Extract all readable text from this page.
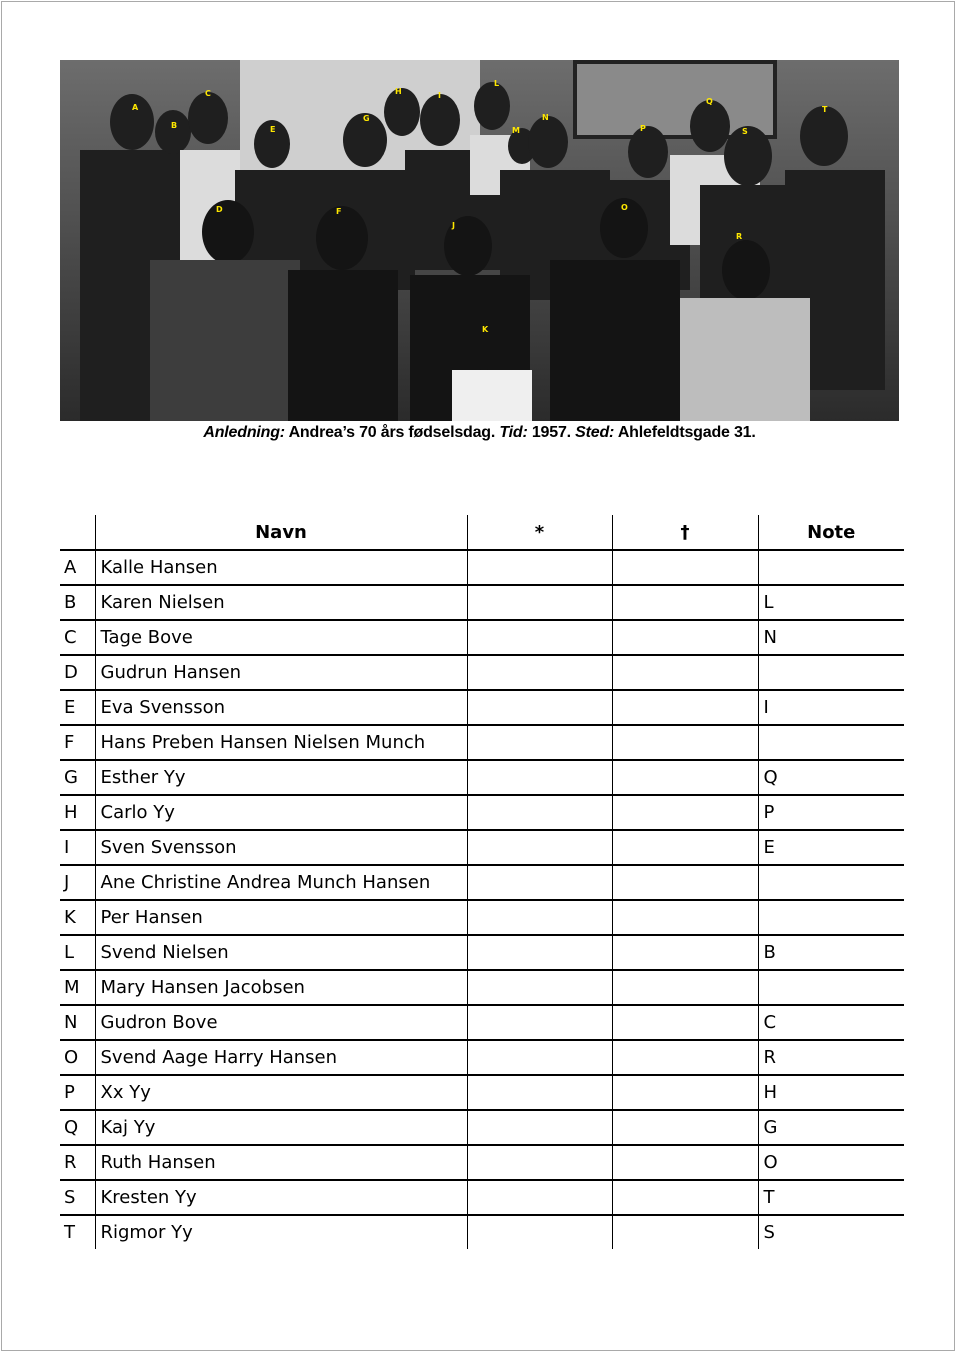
A
B
C
D
E
F
G
H	I
J
K
L
M
N
O
P
Q
R
S
T
Anledning: Andrea’s 70 års fødselsdag. Tid: 1957. Sted: Ahlefeldtsgade 31.
	Navn	*	†	Note
A	Kalle Hansen			
B	Karen Nielsen			L
C	Tage Bove			N
D	Gudrun Hansen			
E	Eva Svensson			I
F	Hans Preben Hansen Nielsen Munch			
G	Esther Yy			Q
H	Carlo Yy			P
I	Sven Svensson			E
J	Ane Christine Andrea Munch Hansen			
K	Per Hansen			
L	Svend Nielsen			B
M	Mary Hansen Jacobsen			
N	Gudron Bove			C
O	Svend Aage Harry Hansen			R
P	Xx Yy			H
Q	Kaj Yy			G
R	Ruth Hansen			O
S	Kresten Yy			T
T	Rigmor Yy			S
